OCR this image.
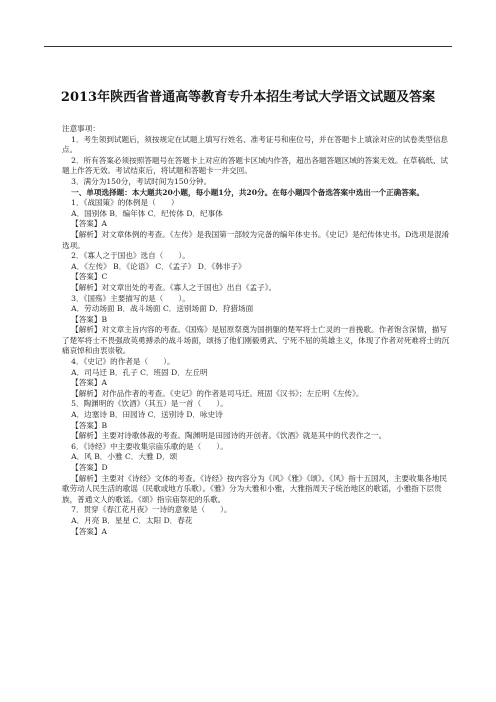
2013年陕西省普通高等教育专升本招生考试大学语文试题及答案

注意事项：

1．考生领到试题后，须按规定在试题上填写行姓名、准考证号和座位号，并在答题卡上填涂对应的试卷类型信息点。

2．所有答案必须按照答题号在答题卡上对应的答题卡区域内作答，超出各题答题区域的答案无效。在草稿纸、试题上作答无效。考试结束后，将试题和答题卡一并交回。

3．满分为150分，考试时间为150分钟。

一、单项选择题：本大题共20小题，每小题1分，共20分。在每小题四个备选答案中选出一个正确答案。

1．《战国策》的体例是（　　）

A．国别体 B．编年体 C．纪传体 D．纪事体

【答案】A

【解析】对文章体例的考查。《左传》是我国第一部较为完备的编年体史书。《史记》是纪传体史书。D选项是混淆选项。

2．《寡人之于国也》选自（　　）。

A．《左传》 B．《论语》 C．《孟子》 D．《韩非子》

【答案】C

【解析】对文章出处的考查。《寡人之于国也》出自《孟子》。

3．《国殇》主要描写的是（　　）。

A．劳动场面 B．战斗场面 C．送别场面 D．狩猎场面

【答案】B

【解析】对文章主旨内容的考查。《国殇》是屈原祭奠为国捐躯的楚军将士亡灵的一首挽歌。作者饱含深情，描写了楚军将士不畏强敌英勇搏杀的战斗场面，颂扬了他们刚毅勇武、宁死不屈的英雄主义，体现了作者对死难将士的沉痛哀悼和由衷崇敬。

4．《史记》的作者是（　　）。

A．司马迁 B．孔子 C．班固 D．左丘明

【答案】A

【解析】对作品作者的考查。《史记》的作者是司马迁。班固《汉书》；左丘明《左传》。

5．陶渊明的《饮酒》（其五）是一首（　　）。

A．边塞诗 B．田园诗 C．送别诗 D．咏史诗

【答案】B

【解析】主要对诗歌体裁的考查。陶渊明是田园诗的开创者。《饮酒》就是其中的代表作之一。

6．《诗经》中主要收集宗庙乐歌的是（　　）。

A．风 B．小雅 C．大雅 D．颂

【答案】D

【解析】主要对《诗经》文体的考查。《诗经》按内容分为《风》《雅》《颂》。《风》指十五国风，主要收集各地民歌劳动人民生活的歌谣（民歌或地方乐歌）。《雅》分为大雅和小雅，大雅指周天子统治地区的歌谣，小雅指下层贵族，普通文人的歌谣。《颂》指宗庙祭祀的乐歌。

7．贯穿《春江花月夜》一诗的意象是（　　）。

A．月亮 B．星星 C．太阳 D．春花

【答案】A
